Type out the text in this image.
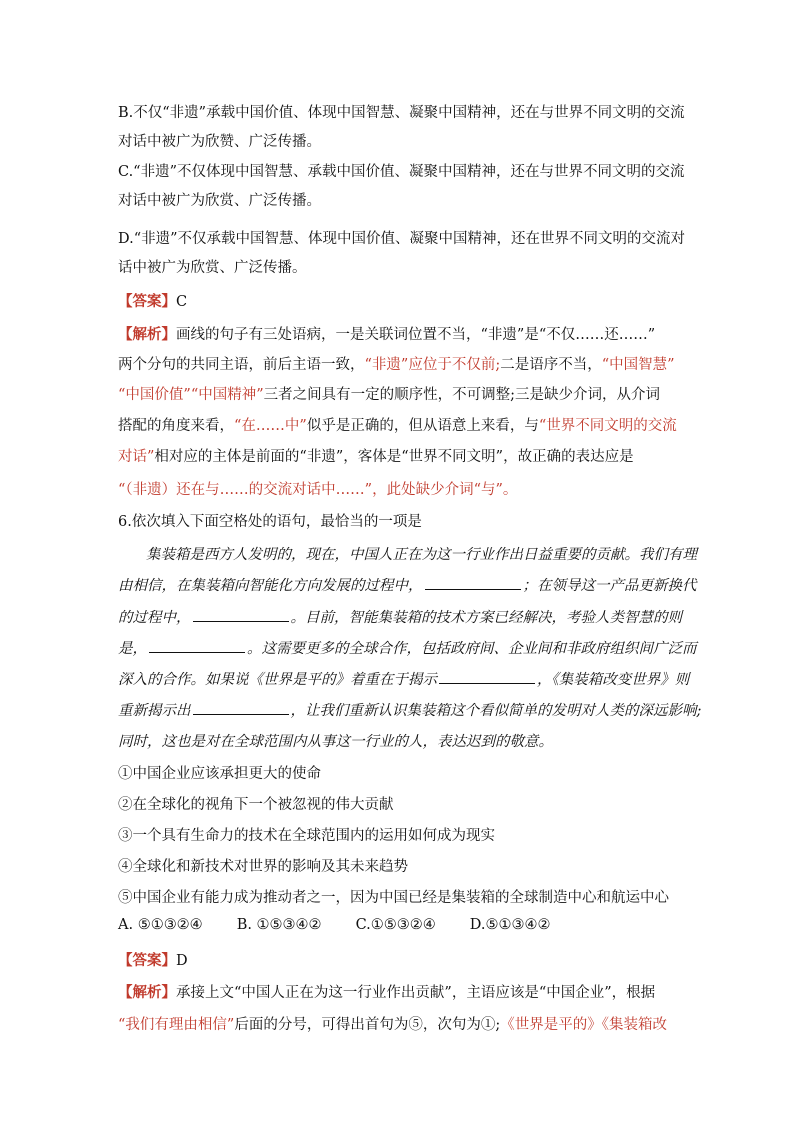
B.不仅“非遗”承载中国价值、体现中国智慧、凝聚中国精神，还在与世界不同文明的交流
对话中被广为欣赞、广泛传播。
C.“非遗”不仅体现中国智慧、承载中国价值、凝聚中国精神，还在与世界不同文明的交流
对话中被广为欣赏、广泛传播。
D.“非遗”不仅承载中国智慧、体现中国价值、凝聚中国精神，还在世界不同文明的交流对
话中被广为欣赏、广泛传播。
【答案】C
【解析】画线的句子有三处语病，一是关联词位置不当，“非遗”是“不仅……还……”
两个分句的共同主语，前后主语一致，“非遗”应位于不仅前;二是语序不当，“中国智慧”
“中国价值”“中国精神”三者之间具有一定的顺序性，不可调整;三是缺少介词，从介词
搭配的角度来看，“在……中”似乎是正确的，但从语意上来看，与“世界不同文明的交流
对话”相对应的主体是前面的“非遗”，客体是“世界不同文明”，故正确的表达应是
“（非遗）还在与……的交流对话中……”，此处缺少介词“与”。
6.依次填入下面空格处的语句，最恰当的一项是
集装箱是西方人发明的，现在，中国人正在为这一行业作出日益重要的贡献。我们有理
由相信，在集装箱向智能化方向发展的过程中，	；在领导这一产品更新换代
的过程中，	。目前，智能集装箱的技术方案已经解决，考验人类智慧的则
是，	。这需要更多的全球合作，包括政府间、企业间和非政府组织间广泛而
深入的合作。如果说《世界是平的》着重在于揭示	，《集装箱改变世界》则
重新揭示出	，让我们重新认识集装箱这个看似简单的发明对人类的深远影响;
同时，这也是对在全球范围内从事这一行业的人，表达迟到的敬意。
①中国企业应该承担更大的使命
②在全球化的视角下一个被忽视的伟大贡献
③一个具有生命力的技术在全球范围内的运用如何成为现实
④全球化和新技术对世界的影响及其未来趋势
⑤中国企业有能力成为推动者之一，因为中国已经是集装箱的全球制造中心和航运中心
A. ⑤①③②④ B. ①⑤③④② C.①⑤③②④ D.⑤①③④②
【答案】D
【解析】承接上文“中国人正在为这一行业作出贡献”，主语应该是“中国企业”，根据
“我们有理由相信”后面的分号，可得出首句为⑤，次句为①;《世界是平的》《集装箱改
